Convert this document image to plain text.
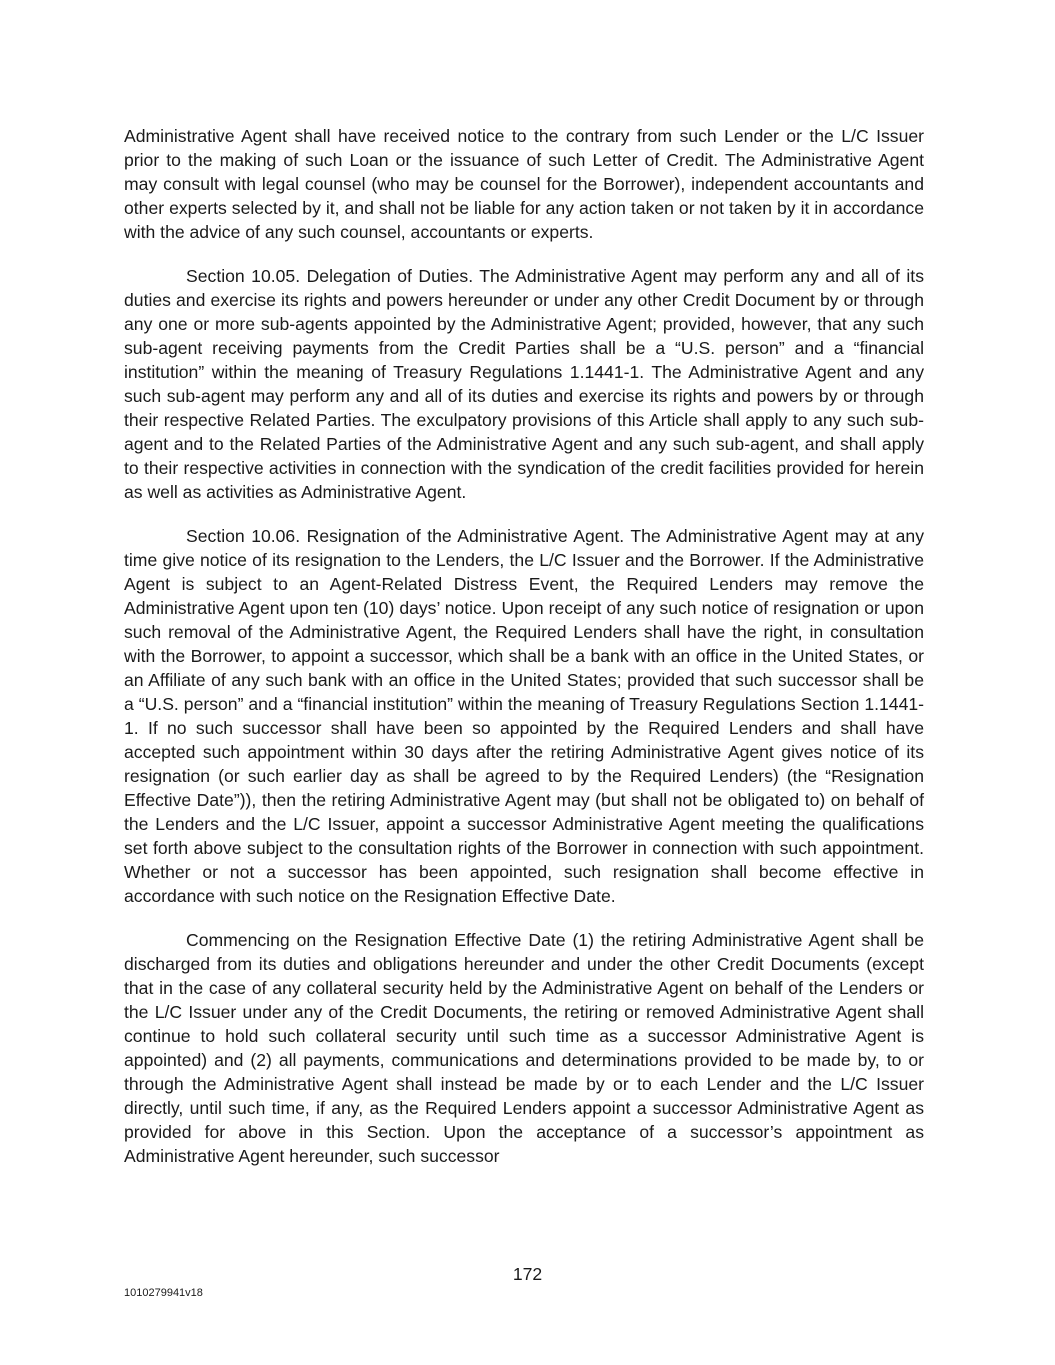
Administrative Agent shall have received notice to the contrary from such Lender or the L/C Issuer prior to the making of such Loan or the issuance of such Letter of Credit. The Administrative Agent may consult with legal counsel (who may be counsel for the Borrower), independent accountants and other experts selected by it, and shall not be liable for any action taken or not taken by it in accordance with the advice of any such counsel, accountants or experts.

Section 10.05. Delegation of Duties. The Administrative Agent may perform any and all of its duties and exercise its rights and powers hereunder or under any other Credit Document by or through any one or more sub-agents appointed by the Administrative Agent; provided, however, that any such sub-agent receiving payments from the Credit Parties shall be a “U.S. person” and a “financial institution” within the meaning of Treasury Regulations 1.1441-1. The Administrative Agent and any such sub-agent may perform any and all of its duties and exercise its rights and powers by or through their respective Related Parties. The exculpatory provisions of this Article shall apply to any such sub-agent and to the Related Parties of the Administrative Agent and any such sub-agent, and shall apply to their respective activities in connection with the syndication of the credit facilities provided for herein as well as activities as Administrative Agent.

Section 10.06. Resignation of the Administrative Agent. The Administrative Agent may at any time give notice of its resignation to the Lenders, the L/C Issuer and the Borrower. If the Administrative Agent is subject to an Agent-Related Distress Event, the Required Lenders may remove the Administrative Agent upon ten (10) days’ notice. Upon receipt of any such notice of resignation or upon such removal of the Administrative Agent, the Required Lenders shall have the right, in consultation with the Borrower, to appoint a successor, which shall be a bank with an office in the United States, or an Affiliate of any such bank with an office in the United States; provided that such successor shall be a “U.S. person” and a “financial institution” within the meaning of Treasury Regulations Section 1.1441-1. If no such successor shall have been so appointed by the Required Lenders and shall have accepted such appointment within 30 days after the retiring Administrative Agent gives notice of its resignation (or such earlier day as shall be agreed to by the Required Lenders) (the “Resignation Effective Date”)), then the retiring Administrative Agent may (but shall not be obligated to) on behalf of the Lenders and the L/C Issuer, appoint a successor Administrative Agent meeting the qualifications set forth above subject to the consultation rights of the Borrower in connection with such appointment. Whether or not a successor has been appointed, such resignation shall become effective in accordance with such notice on the Resignation Effective Date.

Commencing on the Resignation Effective Date (1) the retiring Administrative Agent shall be discharged from its duties and obligations hereunder and under the other Credit Documents (except that in the case of any collateral security held by the Administrative Agent on behalf of the Lenders or the L/C Issuer under any of the Credit Documents, the retiring or removed Administrative Agent shall continue to hold such collateral security until such time as a successor Administrative Agent is appointed) and (2) all payments, communications and determinations provided to be made by, to or through the Administrative Agent shall instead be made by or to each Lender and the L/C Issuer directly, until such time, if any, as the Required Lenders appoint a successor Administrative Agent as provided for above in this Section. Upon the acceptance of a successor’s appointment as Administrative Agent hereunder, such successor

172
1010279941v18
